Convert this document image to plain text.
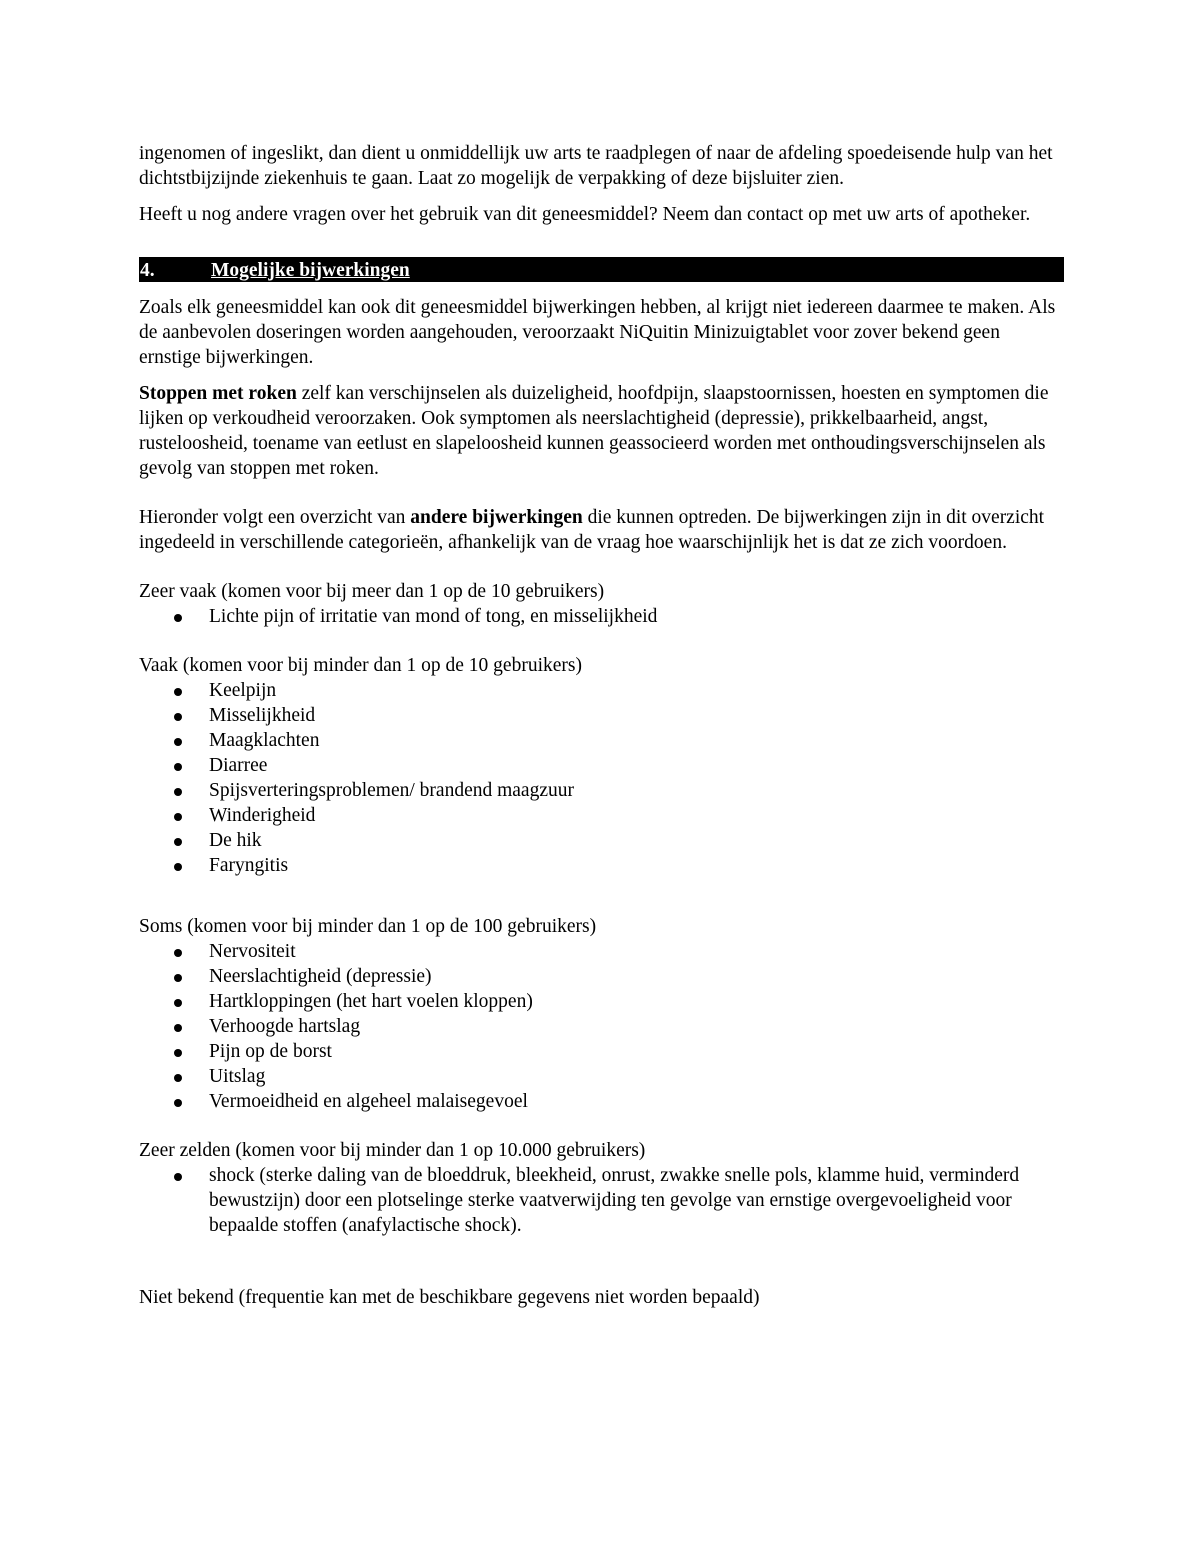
ingenomen of ingeslikt, dan dient u onmiddellijk uw arts te raadplegen of naar de afdeling spoedeisende hulp van het dichtstbijzijnde ziekenhuis te gaan. Laat zo mogelijk de verpakking of deze bijsluiter zien.

Heeft u nog andere vragen over het gebruik van dit geneesmiddel? Neem dan contact op met uw arts of apotheker.

4.	Mogelijke bijwerkingen

Zoals elk geneesmiddel kan ook dit geneesmiddel bijwerkingen hebben, al krijgt niet iedereen daarmee te maken. Als de aanbevolen doseringen worden aangehouden, veroorzaakt NiQuitin Minizuigtablet voor zover bekend geen ernstige bijwerkingen.

Stoppen met roken zelf kan verschijnselen als duizeligheid, hoofdpijn, slaapstoornissen, hoesten en symptomen die lijken op verkoudheid veroorzaken. Ook symptomen als neerslachtigheid (depressie), prikkelbaarheid, angst, rusteloosheid, toename van eetlust en slapeloosheid kunnen geassocieerd worden met onthoudingsverschijnselen als gevolg van stoppen met roken.

Hieronder volgt een overzicht van andere bijwerkingen die kunnen optreden. De bijwerkingen zijn in dit overzicht ingedeeld in verschillende categorieën, afhankelijk van de vraag hoe waarschijnlijk het is dat ze zich voordoen.

Zeer vaak (komen voor bij meer dan 1 op de 10 gebruikers)

Lichte pijn of irritatie van mond of tong, en misselijkheid

Vaak (komen voor bij minder dan 1 op de 10 gebruikers)

Keelpijn
Misselijkheid
Maagklachten
Diarree
Spijsverteringsproblemen/ brandend maagzuur
Winderigheid
De hik
Faryngitis

Soms (komen voor bij minder dan 1 op de 100 gebruikers)

Nervositeit
Neerslachtigheid (depressie)
Hartkloppingen (het hart voelen kloppen)
Verhoogde hartslag
Pijn op de borst
Uitslag
Vermoeidheid en algeheel malaisegevoel

Zeer zelden (komen voor bij minder dan 1 op 10.000 gebruikers)

shock (sterke daling van de bloeddruk, bleekheid, onrust, zwakke snelle pols, klamme huid, verminderd bewustzijn) door een plotselinge sterke vaatverwijding ten gevolge van ernstige overgevoeligheid voor bepaalde stoffen (anafylactische shock).

Niet bekend (frequentie kan met de beschikbare gegevens niet worden bepaald)
